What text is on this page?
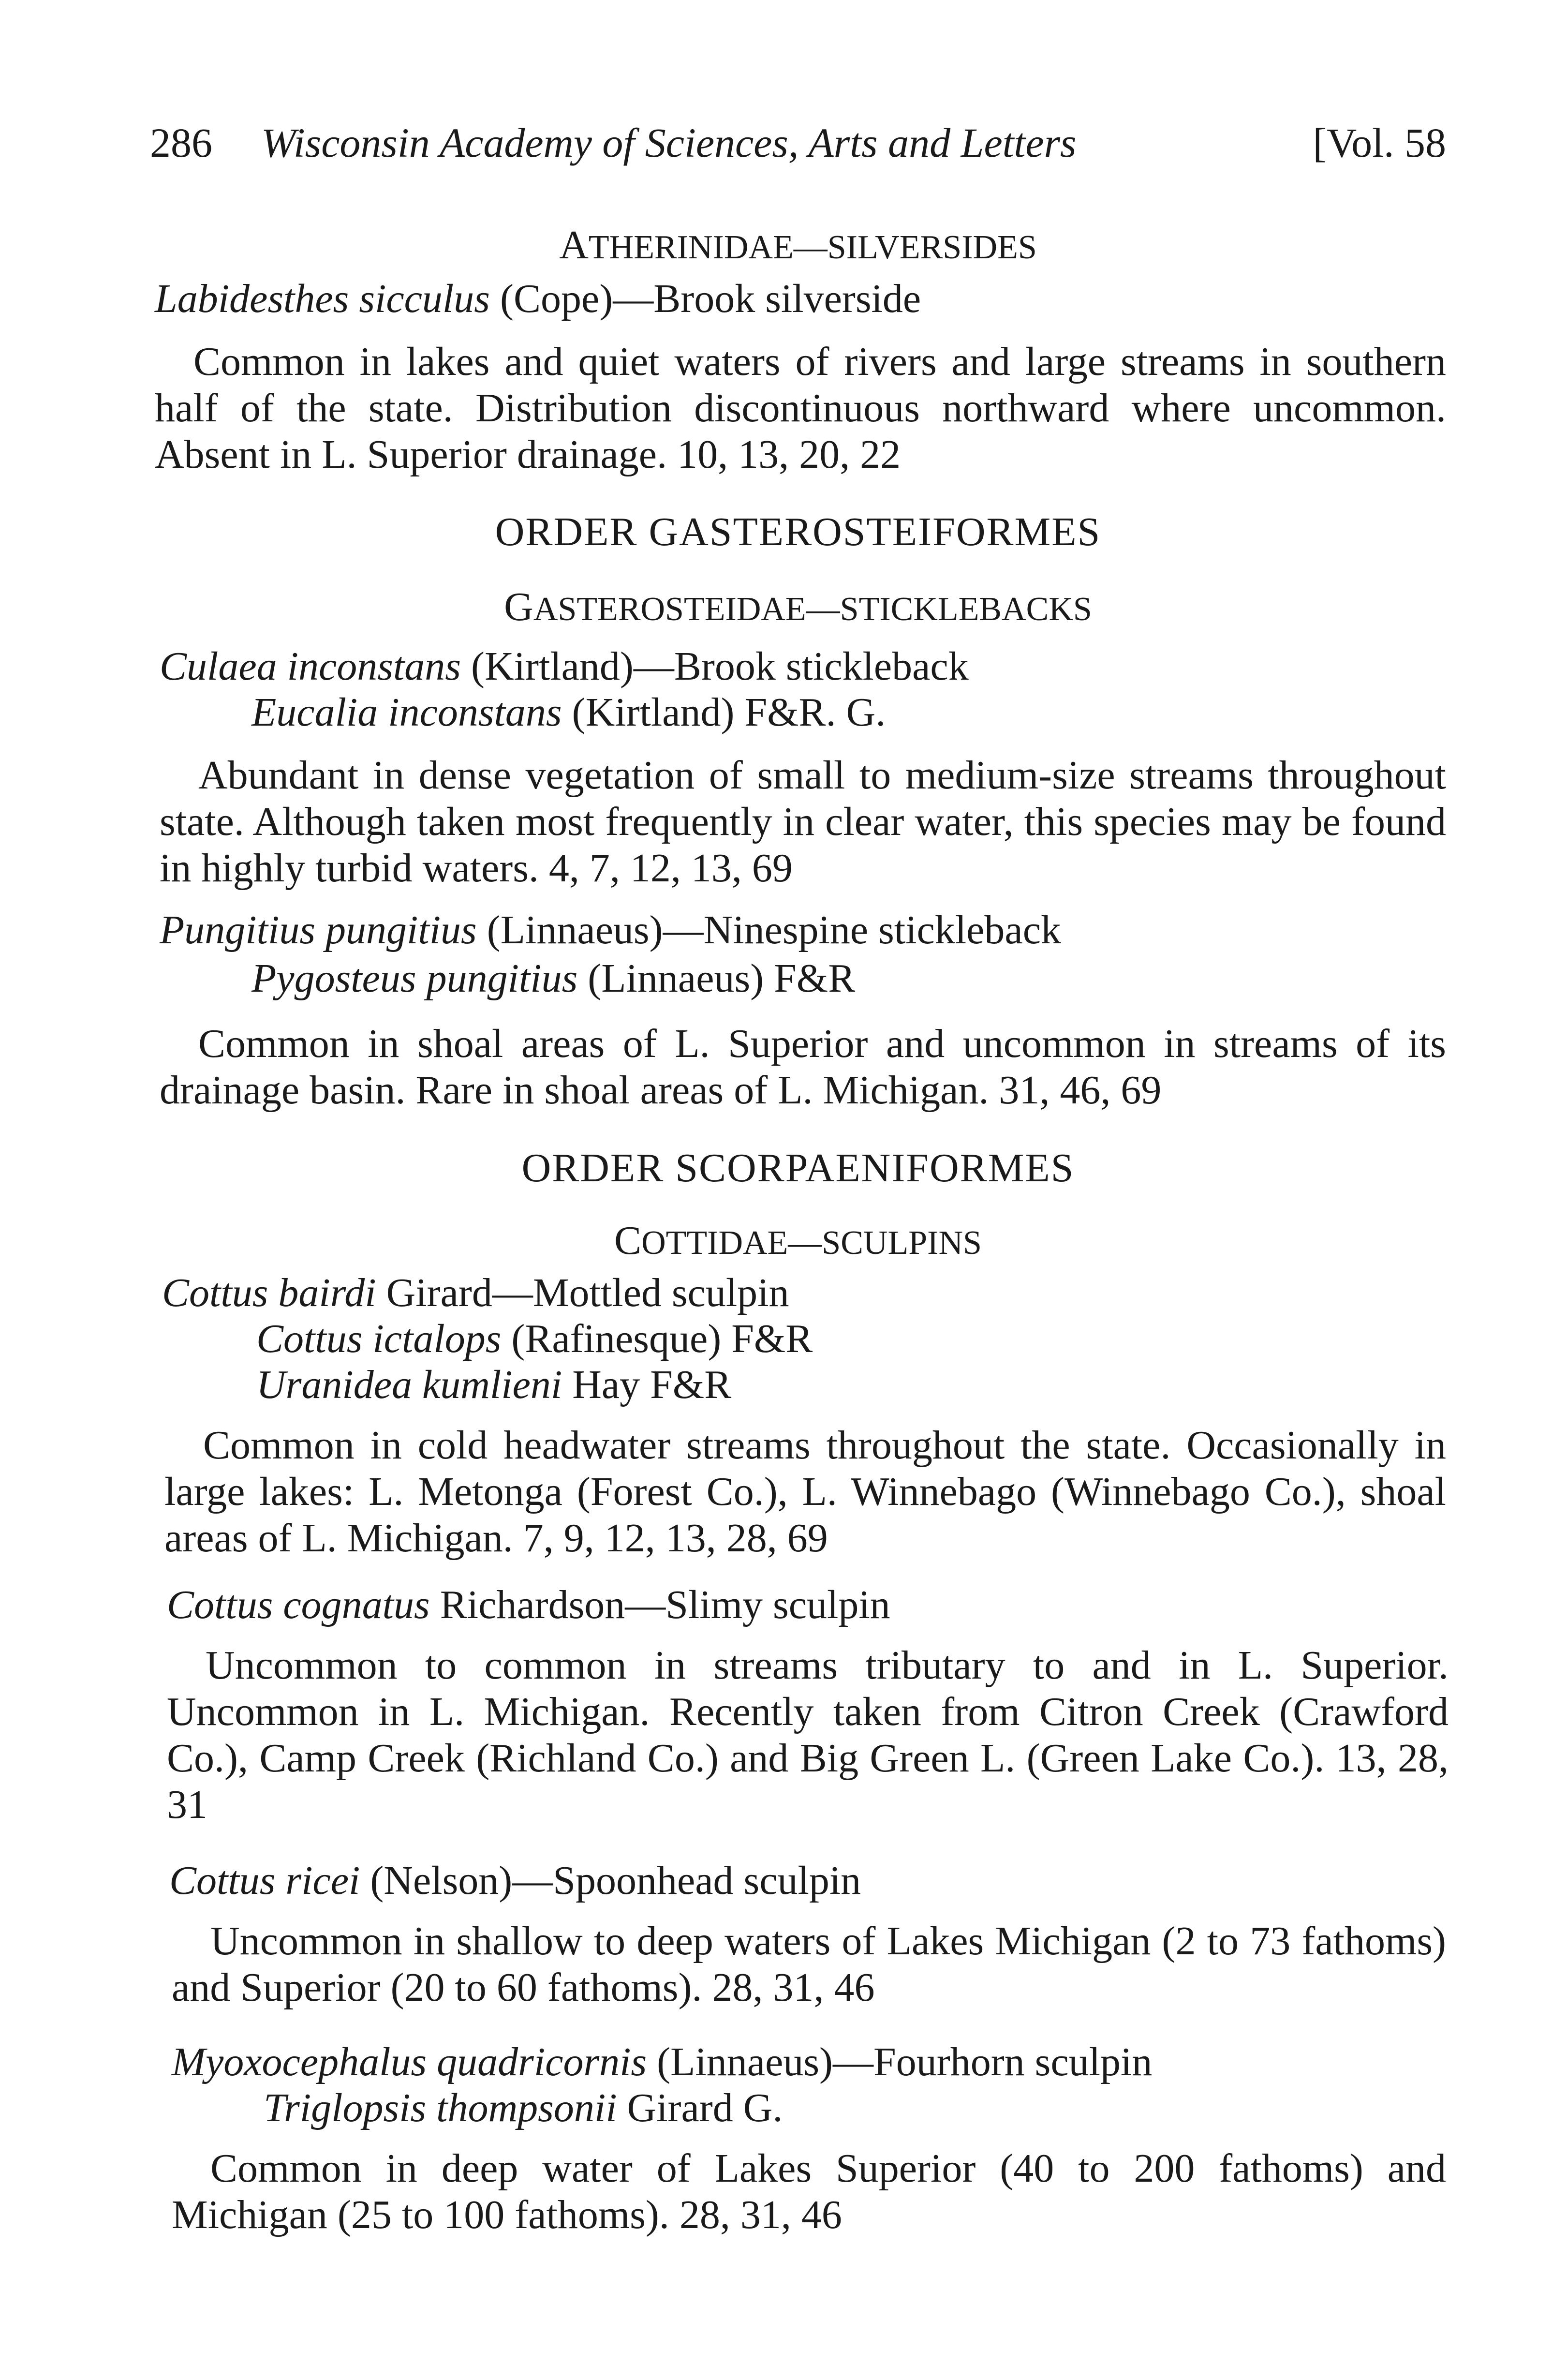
286 Wisconsin Academy of Sciences, Arts and Letters	[Vol. 58
ATHERINIDAE—SILVERSIDES
Labidesthes sicculus (Cope)—Brook silverside
Common in lakes and quiet waters of rivers and large streams in southern half of the state. Distribution discontinuous northward where uncommon. Absent in L. Superior drainage. 10, 13, 20, 22
ORDER GASTEROSTEIFORMES
GASTEROSTEIDAE—STICKLEBACKS
Culaea inconstans (Kirtland)—Brook stickleback
Eucalia inconstans (Kirtland) F&R. G.
Abundant in dense vegetation of small to medium-size streams throughout state. Although taken most frequently in clear water, this species may be found in highly turbid waters. 4, 7, 12, 13, 69
Pungitius pungitius (Linnaeus)—Ninespine stickleback
Pygosteus pungitius (Linnaeus) F&R
Common in shoal areas of L. Superior and uncommon in streams of its drainage basin. Rare in shoal areas of L. Michigan. 31, 46, 69
ORDER SCORPAENIFORMES
COTTIDAE—SCULPINS
Cottus bairdi Girard—Mottled sculpin
Cottus ictalops (Rafinesque) F&R
Uranidea kumlieni Hay F&R
Common in cold headwater streams throughout the state. Occasionally in large lakes: L. Metonga (Forest Co.), L. Winnebago (Winnebago Co.), shoal areas of L. Michigan. 7, 9, 12, 13, 28, 69
Cottus cognatus Richardson—Slimy sculpin
Uncommon to common in streams tributary to and in L. Superior. Uncommon in L. Michigan. Recently taken from Citron Creek (Crawford Co.), Camp Creek (Richland Co.) and Big Green L. (Green Lake Co.). 13, 28, 31
Cottus ricei (Nelson)—Spoonhead sculpin
Uncommon in shallow to deep waters of Lakes Michigan (2 to 73 fathoms) and Superior (20 to 60 fathoms). 28, 31, 46
Myoxocephalus quadricornis (Linnaeus)—Fourhorn sculpin
Triglopsis thompsonii Girard G.
Common in deep water of Lakes Superior (40 to 200 fathoms) and Michigan (25 to 100 fathoms). 28, 31, 46
